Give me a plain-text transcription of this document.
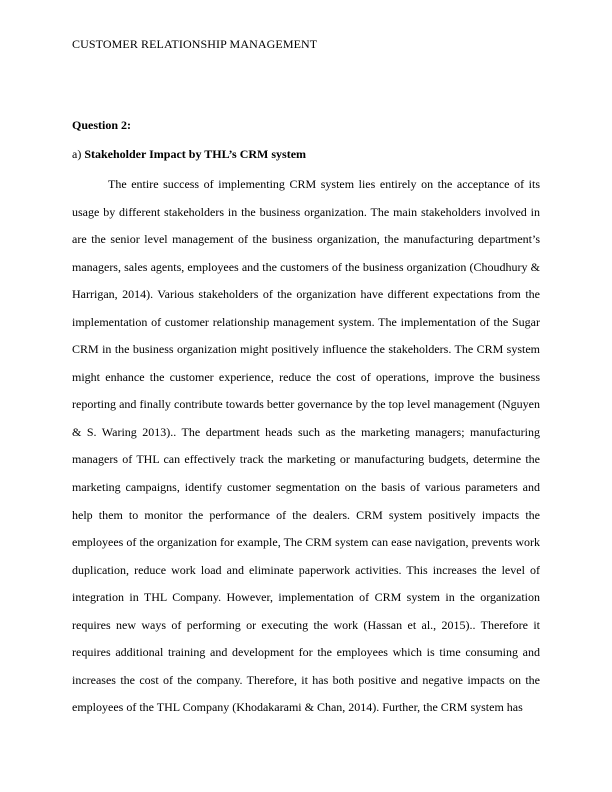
CUSTOMER RELATIONSHIP MANAGEMENT
Question 2:
a) Stakeholder Impact by THL’s CRM system

The entire success of implementing CRM system lies entirely on the acceptance of its usage by different stakeholders in the business organization. The main stakeholders involved in are the senior level management of the business organization, the manufacturing department’s managers, sales agents, employees and the customers of the business organization (Choudhury & Harrigan, 2014). Various stakeholders of the organization have different expectations from the implementation of customer relationship management system. The implementation of the Sugar CRM in the business organization might positively influence the stakeholders. The CRM system might enhance the customer experience, reduce the cost of operations, improve the business reporting and finally contribute towards better governance by the top level management (Nguyen & S. Waring 2013).. The department heads such as the marketing managers; manufacturing managers of THL can effectively track the marketing or manufacturing budgets, determine the marketing campaigns, identify customer segmentation on the basis of various parameters and help them to monitor the performance of the dealers. CRM system positively impacts the employees of the organization for example, The CRM system can ease navigation, prevents work duplication, reduce work load and eliminate paperwork activities. This increases the level of integration in THL Company. However, implementation of CRM system in the organization requires new ways of performing or executing the work (Hassan et al., 2015).. Therefore it requires additional training and development for the employees which is time consuming and increases the cost of the company. Therefore, it has both positive and negative impacts on the employees of the THL Company (Khodakarami & Chan, 2014). Further, the CRM system has
